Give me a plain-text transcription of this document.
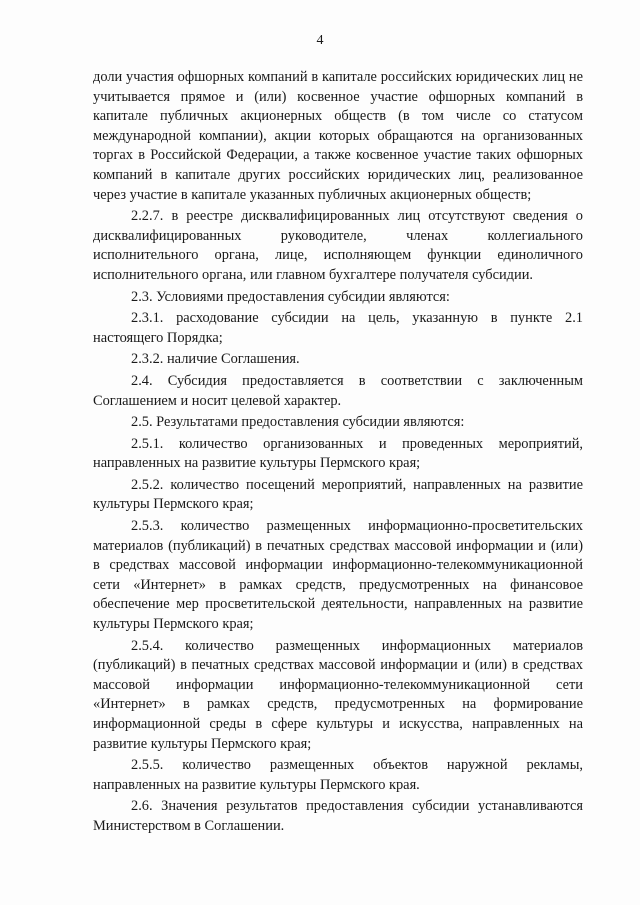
4

доли участия офшорных компаний в капитале российских юридических лиц не учитывается прямое и (или) косвенное участие офшорных компаний в капитале публичных акционерных обществ (в том числе со статусом международной компании), акции которых обращаются на организованных торгах в Российской Федерации, а также косвенное участие таких офшорных компаний в капитале других российских юридических лиц, реализованное через участие в капитале указанных публичных акционерных обществ;

2.2.7. в реестре дисквалифицированных лиц отсутствуют сведения о дисквалифицированных руководителе, членах коллегиального исполнительного органа, лице, исполняющем функции единоличного исполнительного органа, или главном бухгалтере получателя субсидии.

2.3. Условиями предоставления субсидии являются:

2.3.1. расходование субсидии на цель, указанную в пункте 2.1 настоящего Порядка;

2.3.2. наличие Соглашения.

2.4. Субсидия предоставляется в соответствии с заключенным Соглашением и носит целевой характер.

2.5. Результатами предоставления субсидии являются:

2.5.1. количество организованных и проведенных мероприятий, направленных на развитие культуры Пермского края;

2.5.2. количество посещений мероприятий, направленных на развитие культуры Пермского края;

2.5.3. количество размещенных информационно-просветительских материалов (публикаций) в печатных средствах массовой информации и (или) в средствах массовой информации информационно-телекоммуникационной сети «Интернет» в рамках средств, предусмотренных на финансовое обеспечение мер просветительской деятельности, направленных на развитие культуры Пермского края;

2.5.4. количество размещенных информационных материалов (публикаций) в печатных средствах массовой информации и (или) в средствах массовой информации информационно-телекоммуникационной сети «Интернет» в рамках средств, предусмотренных на формирование информационной среды в сфере культуры и искусства, направленных на развитие культуры Пермского края;

2.5.5. количество размещенных объектов наружной рекламы, направленных на развитие культуры Пермского края.

2.6. Значения результатов предоставления субсидии устанавливаются Министерством в Соглашении.
